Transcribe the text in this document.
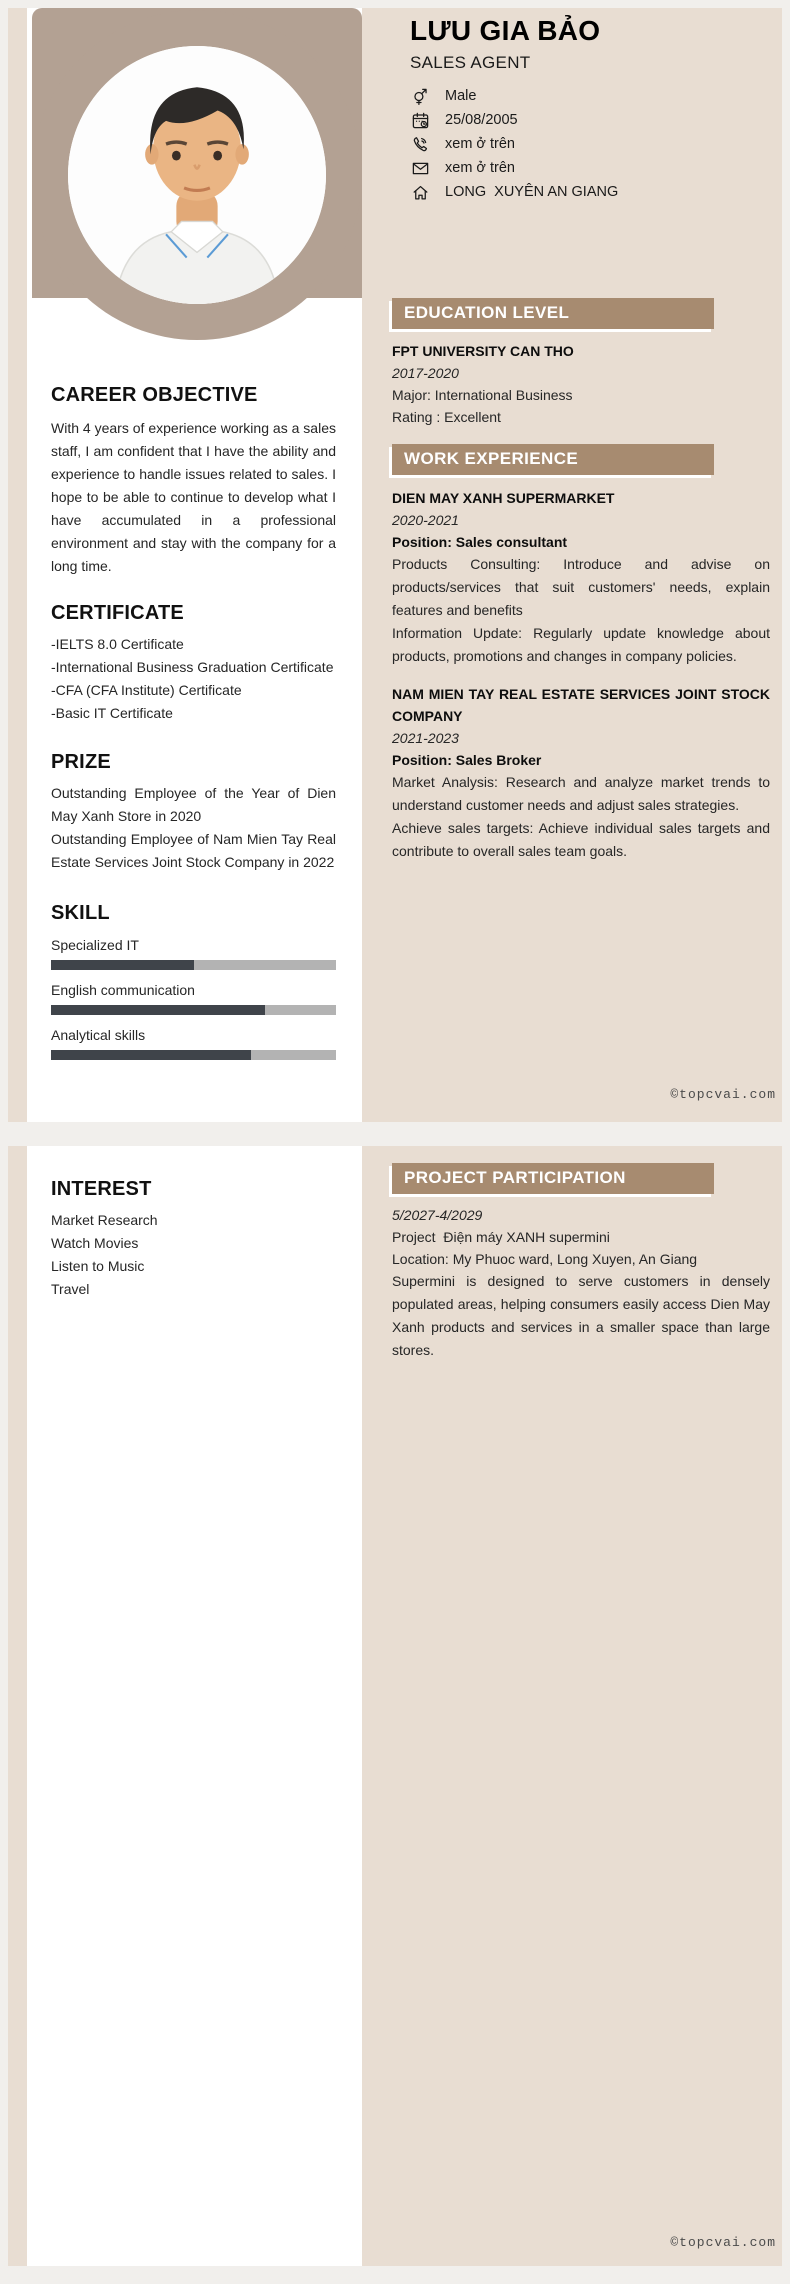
CAREER OBJECTIVE

With 4 years of experience working as a sales staff, I am confident that I have the ability and experience to handle issues related to sales. I hope to be able to continue to develop what I have accumulated in a professional environment and stay with the company for a long time.

CERTIFICATE
-IELTS 8.0 Certificate
-International Business Graduation Certificate
-CFA (CFA Institute) Certificate
-Basic IT Certificate
PRIZE

Outstanding Employee of the Year of Dien May Xanh Store in 2020

Outstanding Employee of Nam Mien Tay Real Estate Services Joint Stock Company in 2022

SKILL
Specialized IT
English communication
Analytical skills
LƯU GIA BẢO
SALES AGENT
Male
25/08/2005
xem ở trên
xem ở trên
LONG  XUYÊN AN GIANG
EDUCATION LEVEL
FPT UNIVERSITY CAN THO
2017-2020
Major: International Business
Rating : Excellent
WORK EXPERIENCE
DIEN MAY XANH SUPERMARKET
2020-2021
Position: Sales consultant

Products Consulting: Introduce and advise on products/services that suit customers' needs, explain features and benefits

Information Update: Regularly update knowledge about products, promotions and changes in company policies.

NAM MIEN TAY REAL ESTATE SERVICES JOINT STOCK COMPANY
2021-2023
Position: Sales Broker

Market Analysis: Research and analyze market trends to understand customer needs and adjust sales strategies.

Achieve sales targets: Achieve individual sales targets and contribute to overall sales team goals.

©topcvai.com
INTEREST
Market Research
Watch Movies
Listen to Music
Travel
PROJECT PARTICIPATION
5/2027-4/2029
Project  Điện máy XANH supermini
Location: My Phuoc ward, Long Xuyen, An Giang

Supermini is designed to serve customers in densely populated areas, helping consumers easily access Dien May Xanh products and services in a smaller space than large stores.

©topcvai.com
